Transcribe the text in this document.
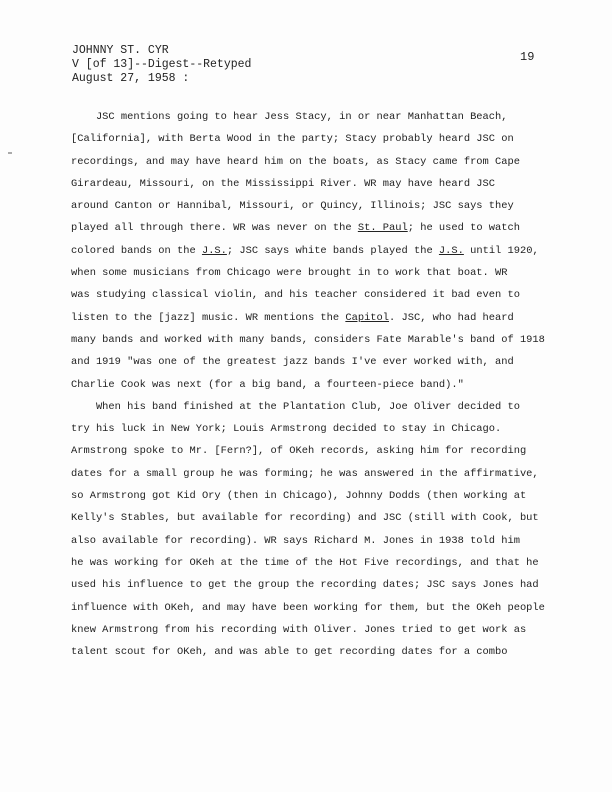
JOHNNY ST. CYR
V [of 13]--Digest--Retyped
August 27, 1958 :
19
JSC mentions going to hear Jess Stacy, in or near Manhattan Beach,
[California], with Berta Wood in the party; Stacy probably heard JSC on
recordings, and may have heard him on the boats, as Stacy came from Cape
Girardeau, Missouri, on the Mississippi River. WR may have heard JSC
around Canton or Hannibal, Missouri, or Quincy, Illinois; JSC says they
played all through there. WR was never on the St. Paul; he used to watch
colored bands on the J.S.; JSC says white bands played the J.S. until 1920,
when some musicians from Chicago were brought in to work that boat. WR
was studying classical violin, and his teacher considered it bad even to
listen to the [jazz] music. WR mentions the Capitol. JSC, who had heard
many bands and worked with many bands, considers Fate Marable's band of 1918
and 1919 "was one of the greatest jazz bands I've ever worked with, and
Charlie Cook was next (for a big band, a fourteen-piece band)."
When his band finished at the Plantation Club, Joe Oliver decided to
try his luck in New York; Louis Armstrong decided to stay in Chicago.
Armstrong spoke to Mr. [Fern?], of OKeh records, asking him for recording
dates for a small group he was forming; he was answered in the affirmative,
so Armstrong got Kid Ory (then in Chicago), Johnny Dodds (then working at
Kelly's Stables, but available for recording) and JSC (still with Cook, but
also available for recording). WR says Richard M. Jones in 1938 told him
he was working for OKeh at the time of the Hot Five recordings, and that he
used his influence to get the group the recording dates; JSC says Jones had
influence with OKeh, and may have been working for them, but the OKeh people
knew Armstrong from his recording with Oliver. Jones tried to get work as
talent scout for OKeh, and was able to get recording dates for a combo
